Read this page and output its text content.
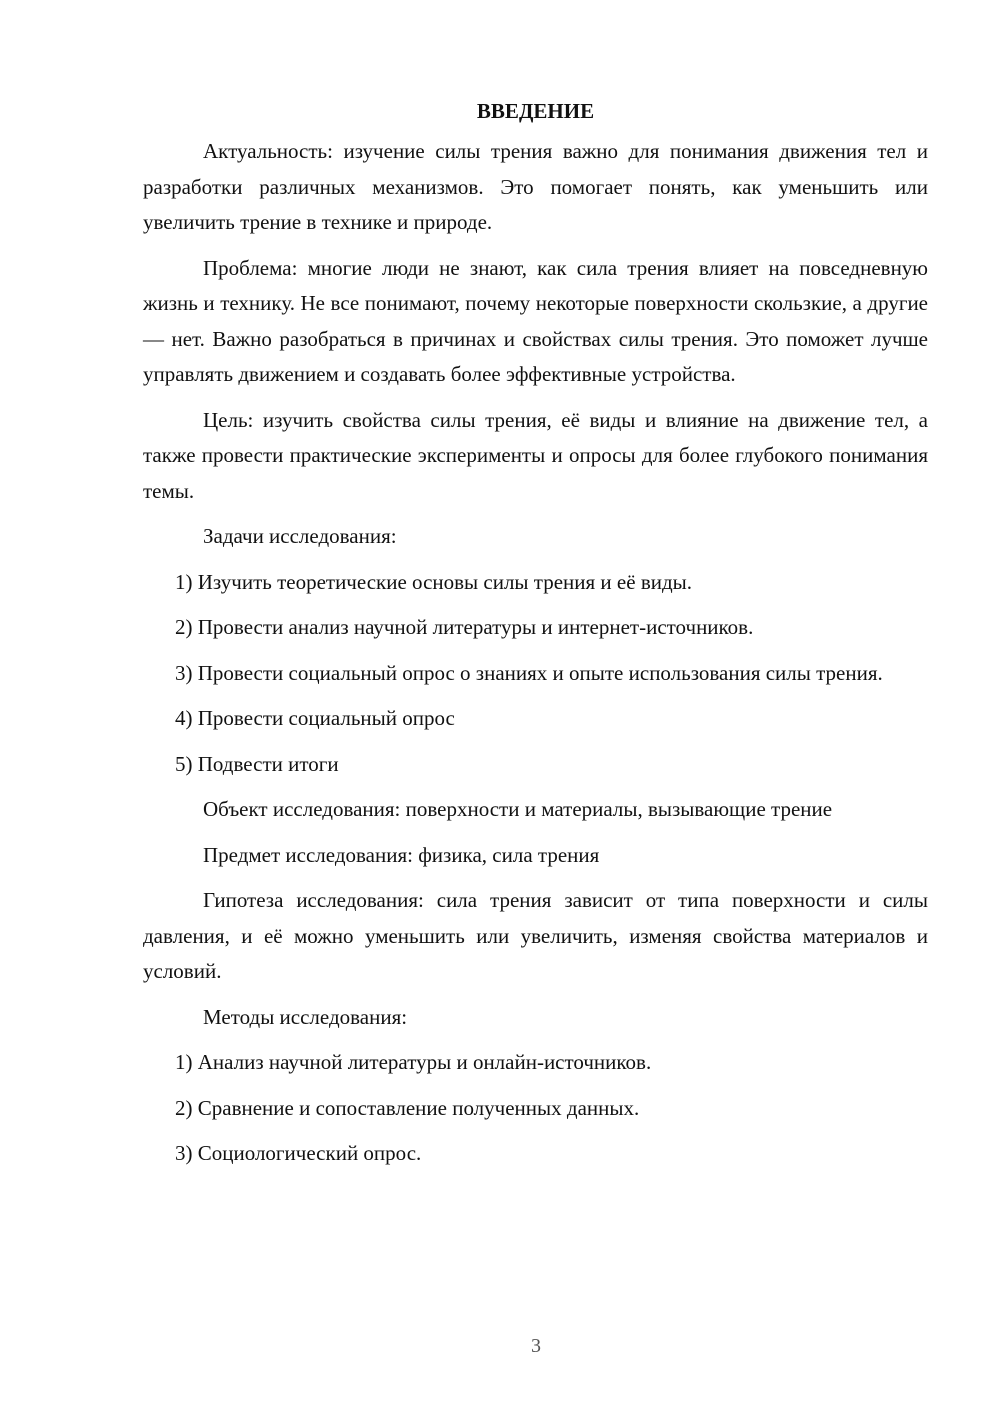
ВВЕДЕНИЕ

Актуальность: изучение силы трения важно для понимания движения тел и разработки различных механизмов. Это помогает понять, как уменьшить или увеличить трение в технике и природе.

Проблема: многие люди не знают, как сила трения влияет на повседневную жизнь и технику. Не все понимают, почему некоторые поверхности скользкие, а другие — нет. Важно разобраться в причинах и свойствах силы трения. Это поможет лучше управлять движением и создавать более эффективные устройства.

Цель: изучить свойства силы трения, её виды и влияние на движение тел, а также провести практические эксперименты и опросы для более глубокого понимания темы.

Задачи исследования:

1) Изучить теоретические основы силы трения и её виды.

2) Провести анализ научной литературы и интернет-источников.

3) Провести социальный опрос о знаниях и опыте использования силы трения.

4) Провести социальный опрос

5) Подвести итоги

Объект исследования: поверхности и материалы, вызывающие трение

Предмет исследования: физика, сила трения

Гипотеза исследования: сила трения зависит от типа поверхности и силы давления, и её можно уменьшить или увеличить, изменяя свойства материалов и условий.

Методы исследования:

1) Анализ научной литературы и онлайн-источников.

2) Сравнение и сопоставление полученных данных.

3) Социологический опрос.

3
